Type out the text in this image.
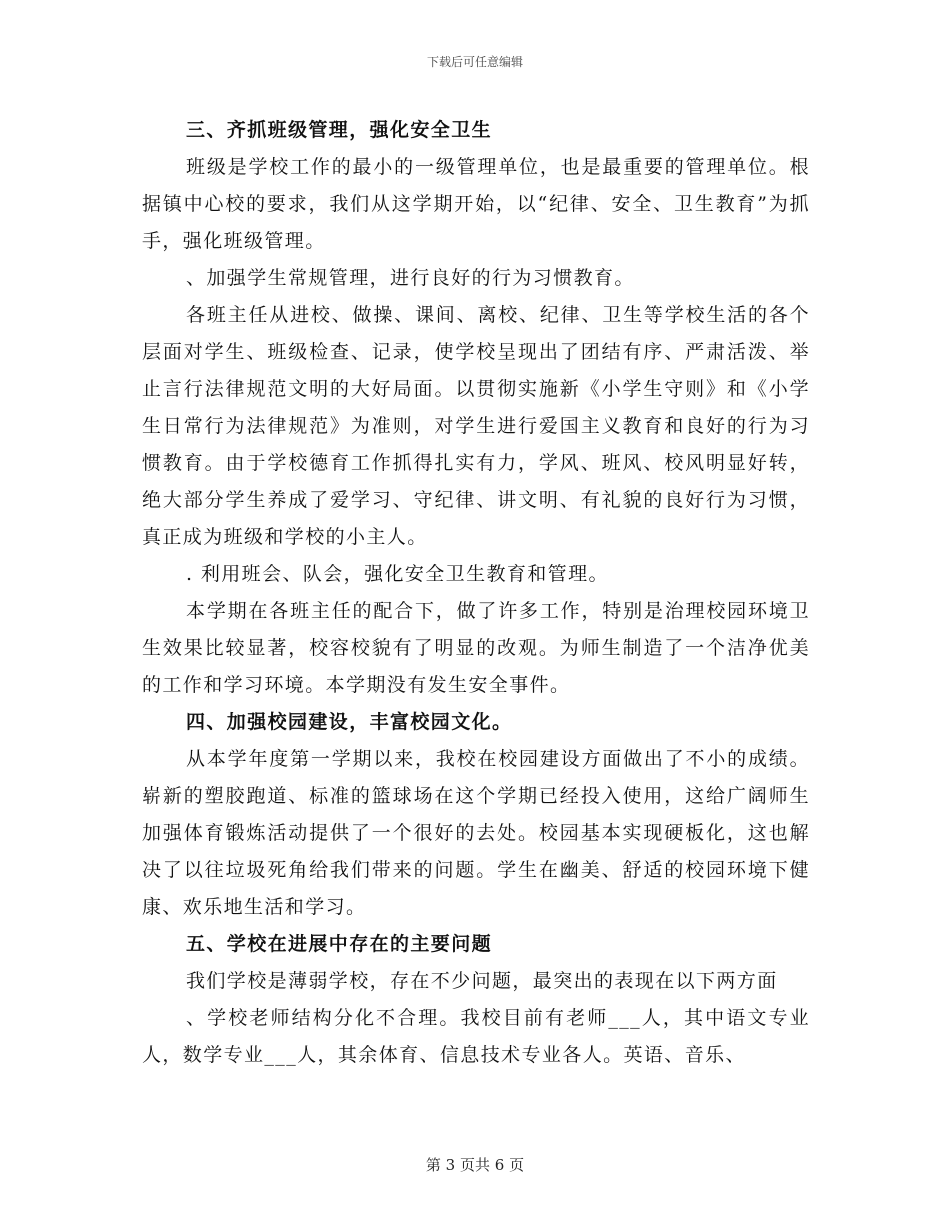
下载后可任意编辑
三、齐抓班级管理，强化安全卫生

班级是学校工作的最小的一级管理单位，也是最重要的管理单位。根据镇中心校的要求，我们从这学期开始，以“纪律、安全、卫生教育”为抓手，强化班级管理。

、加强学生常规管理，进行良好的行为习惯教育。

各班主任从进校、做操、课间、离校、纪律、卫生等学校生活的各个层面对学生、班级检查、记录，使学校呈现出了团结有序、严肃活泼、举止言行法律规范文明的大好局面。以贯彻实施新《小学生守则》和《小学生日常行为法律规范》为准则，对学生进行爱国主义教育和良好的行为习惯教育。由于学校德育工作抓得扎实有力，学风、班风、校风明显好转，绝大部分学生养成了爱学习、守纪律、讲文明、有礼貌的良好行为习惯，真正成为班级和学校的小主人。

. 利用班会、队会，强化安全卫生教育和管理。

本学期在各班主任的配合下，做了许多工作，特别是治理校园环境卫生效果比较显著，校容校貌有了明显的改观。为师生制造了一个洁净优美的工作和学习环境。本学期没有发生安全事件。

四、加强校园建设，丰富校园文化。

从本学年度第一学期以来，我校在校园建设方面做出了不小的成绩。崭新的塑胶跑道、标准的篮球场在这个学期已经投入使用，这给广阔师生加强体育锻炼活动提供了一个很好的去处。校园基本实现硬板化，这也解决了以往垃圾死角给我们带来的问题。学生在幽美、舒适的校园环境下健康、欢乐地生活和学习。

五、学校在进展中存在的主要问题

我们学校是薄弱学校，存在不少问题，最突出的表现在以下两方面

、学校老师结构分化不合理。我校目前有老师___人，其中语文专业人，数学专业___人，其余体育、信息技术专业各人。英语、音乐、

第 3 页共 6 页
